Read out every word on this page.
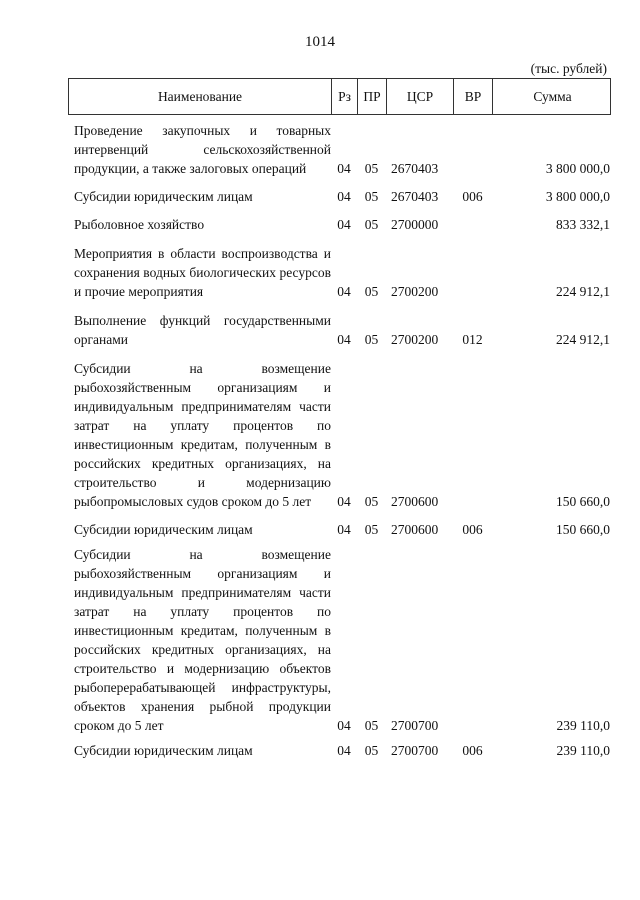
1014
(тыс. рублей)
Наименование	Рз ПР	ЦСР	ВР	Сумма
Проведение закупочных и товарных интервенций сельскохозяйственной продукции, а также залоговых операций	04	05 2670403	3 800 000,0
Субсидии юридическим лицам	04	05 2670403	006	3 800 000,0
Рыболовное хозяйство	04	05 2700000	833 332,1
Мероприятия в области воспроизводства и сохранения водных биологических ресурсов и прочие мероприятия	04	05 2700200	224 912,1
Выполнение функций государственными органами	04	05 2700200	012	224 912,1
Субсидии на возмещение рыбохозяйственным организациям и индивидуальным предпринимателям части затрат на уплату процентов по инвестиционным кредитам, полученным в российских кредитных организациях, на строительство и модернизацию рыбопромысловых судов сроком до 5 лет	04	05 2700600	150 660,0
Субсидии юридическим лицам	04	05 2700600	006	150 660,0
Субсидии на возмещение рыбохозяйственным организациям и индивидуальным предпринимателям части затрат на уплату процентов по инвестиционным кредитам, полученным в российских кредитных организациях, на строительство и модернизацию объектов рыбоперерабатывающей инфраструктуры, объектов хранения рыбной продукции сроком до 5 лет	04	05 2700700	239 110,0
Субсидии юридическим лицам	04	05 2700700	006	239 110,0
